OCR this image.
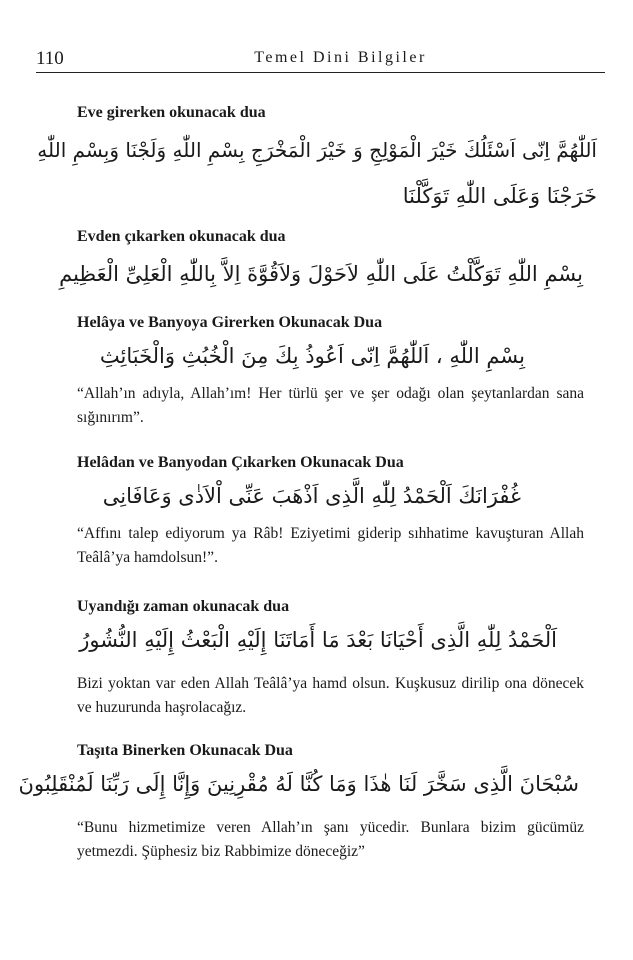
110	Temel Dini Bilgiler
Eve girerken okunacak dua
اَللّٰهُمَّ اِنّى اَسْئَلُكَ خَيْرَ الْمَوْلِجِ وَ خَيْرَ الْمَخْرَجِ بِسْمِ اللّٰهِ وَلَجْنَا وَبِسْمِ اللّٰهِ
خَرَجْنَا وَعَلَى اللّٰهِ تَوَكَّلْنَا
Evden çıkarken okunacak dua
بِسْمِ اللّٰهِ تَوَكَّلْتُ عَلَى اللّٰهِ لاَحَوْلَ وَلاَقُوَّةَ اِلاَّ بِاللّٰهِ الْعَلِىِّ الْعَظِيمِ
Helâya ve Banyoya Girerken Okunacak Dua
بِسْمِ اللّٰهِ ، اَللّٰهُمَّ اِنّى اَعُوذُ بِكَ مِنَ الْخُبُثِ وَالْخَبَائِثِ
“Allah’ın adıyla, Allah’ım! Her türlü şer ve şer odağı olan şeytanlardan sana sığınırım”.
Helâdan ve Banyodan Çıkarken Okunacak Dua
غُفْرَانَكَ اَلْحَمْدُ لِلّٰهِ الَّذِى اَذْهَبَ عَنِّى اْلاَذٰى وَعَافَانِى
“Affını talep ediyorum ya Râb! Eziyetimi giderip sıhhatime kavuşturan Allah Teâlâ’ya hamdolsun!”.
Uyandığı zaman okunacak dua
اَلْحَمْدُ لِلّٰهِ الَّذِى أَحْيَانَا بَعْدَ مَا أَمَاتَنَا إِلَيْهِ الْبَعْثُ إِلَيْهِ النُّشُورُ
Bizi yoktan var eden Allah Teâlâ’ya hamd olsun. Kuşkusuz dirilip ona dönecek ve huzurunda haşrolacağız.
Taşıta Binerken Okunacak Dua
سُبْحَانَ الَّذِى سَخَّرَ لَنَا هٰذَا وَمَا كُنَّا لَهُ مُقْرِنِينَ وَإِنَّا إِلَى رَبِّنَا لَمُنْقَلِبُونَ
“Bunu hizmetimize veren Allah’ın şanı yücedir. Bunlara bizim gücümüz yetmezdi. Şüphesiz biz Rabbimize döneceğiz”
